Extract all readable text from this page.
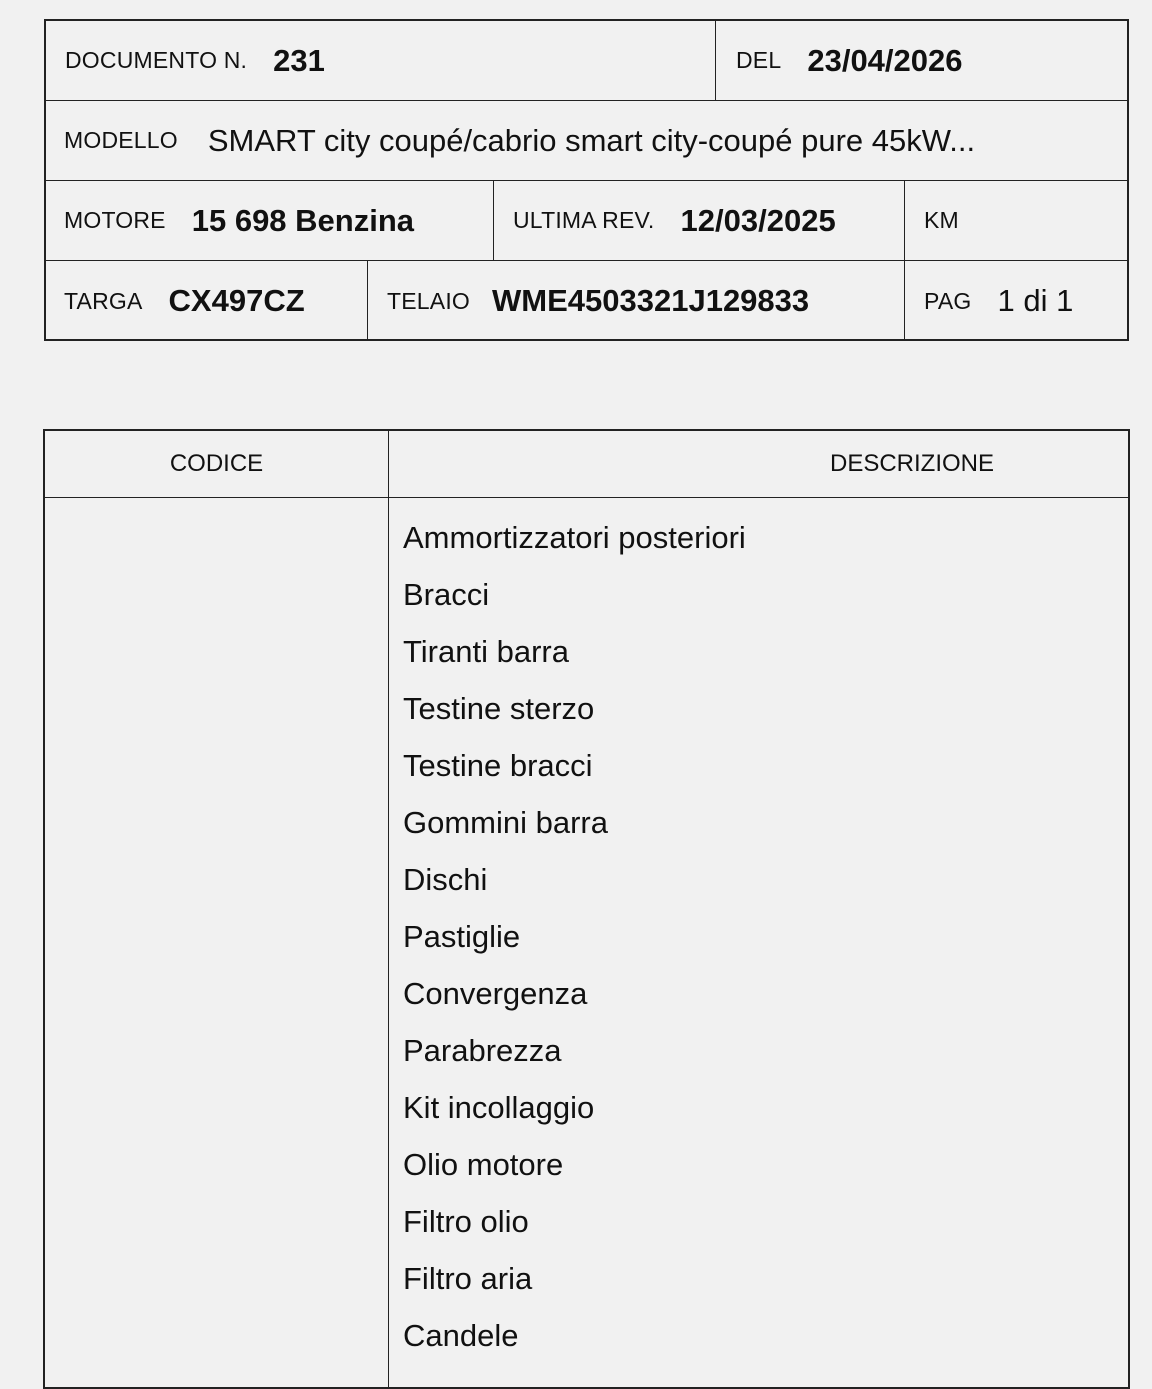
DOCUMENTO N. 231	DEL 23/04/2026
MODELLO SMART city coupé/cabrio smart city-coupé pure 45kW...
MOTORE 15 698 Benzina	ULTIMA REV. 12/03/2025	KM
TARGA CX497CZ	TELAIO WME4503321J129833	PAG 1 di 1
CODICE	DESCRIZIONE
Ammortizzatori posteriori
Bracci
Tiranti barra
Testine sterzo
Testine bracci
Gommini barra
Dischi
Pastiglie
Convergenza
Parabrezza
Kit incollaggio
Olio motore
Filtro olio
Filtro aria
Candele
